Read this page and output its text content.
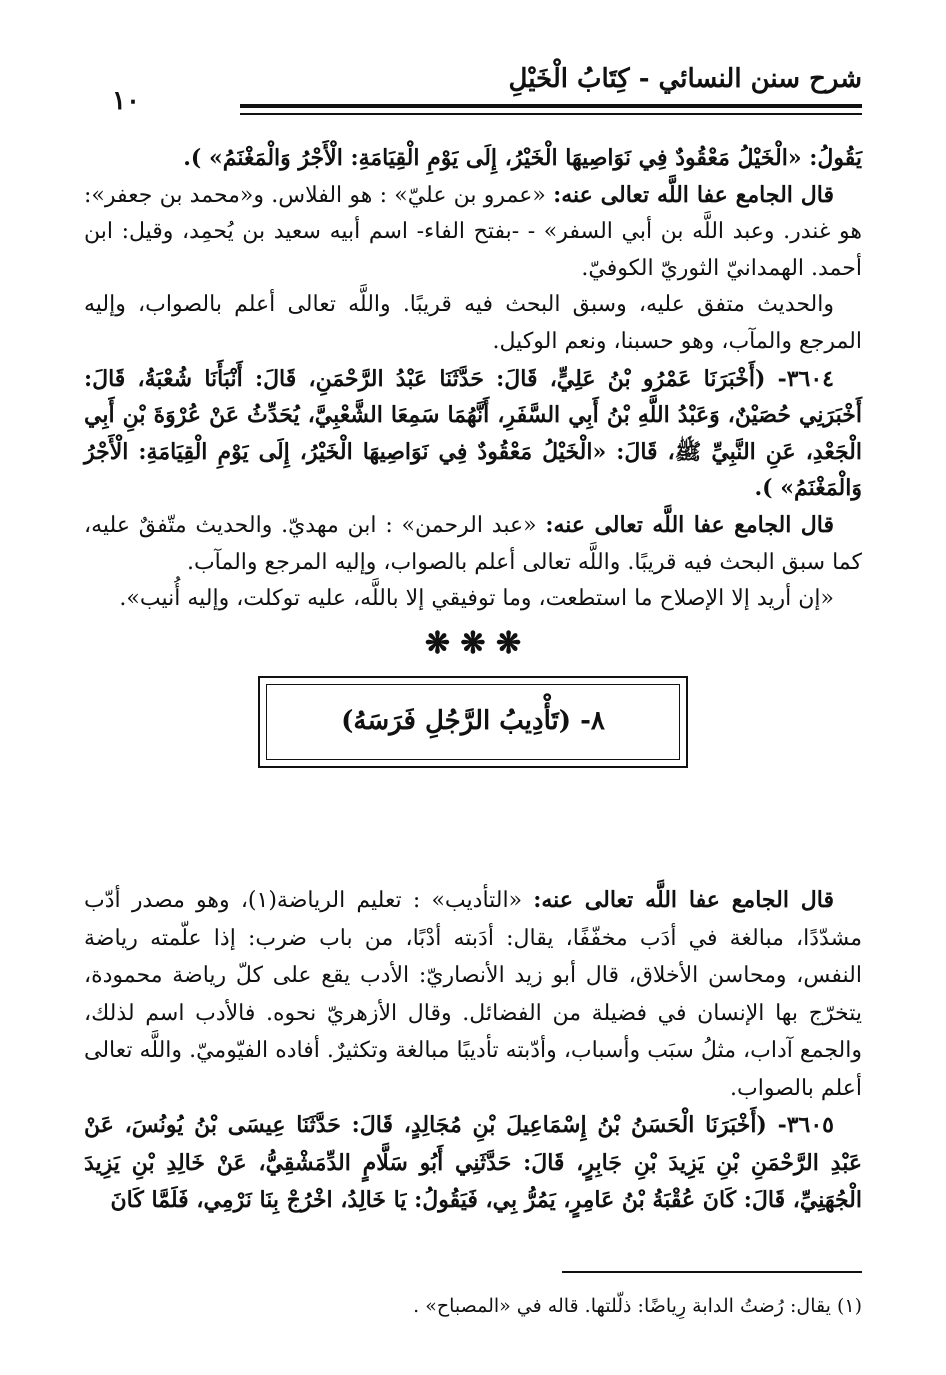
شرح سنن النسائي - كِتَابُ الْخَيْلِ
١٠

يَقُولُ: «الْخَيْلُ مَعْقُودٌ فِي نَوَاصِيهَا الْخَيْرُ، إِلَى يَوْمِ الْقِيَامَةِ: الْأَجْرُ وَالْمَغْنَمُ» ).

قال الجامع عفا اللَّه تعالى عنه: «عمرو بن عليّ» : هو الفلاس. و«محمد بن جعفر»: هو غندر. وعبد اللَّه بن أبي السفر» - -بفتح الفاء- اسم أبيه سعيد بن يُحمِد، وقيل: ابن أحمد. الهمدانيّ الثوريّ الكوفيّ.

والحديث متفق عليه، وسبق البحث فيه قريبًا. واللَّه تعالى أعلم بالصواب، وإليه المرجع والمآب، وهو حسبنا، ونعم الوكيل.

٣٦٠٤- (أَخْبَرَنَا عَمْرُو بْنُ عَلِيٍّ، قَالَ: حَدَّثَنَا عَبْدُ الرَّحْمَنِ، قَالَ: أَنْبَأَنَا شُعْبَةُ، قَالَ: أَخْبَرَنِي حُصَيْنٌ، وَعَبْدُ اللَّهِ بْنُ أَبِي السَّفَرِ، أَنَّهُمَا سَمِعَا الشَّعْبِيَّ، يُحَدِّثُ عَنْ عُرْوَةَ بْنِ أَبِي الْجَعْدِ، عَنِ النَّبِيِّ ﷺ، قَالَ: «الْخَيْلُ مَعْقُودٌ فِي نَوَاصِيهَا الْخَيْرُ، إِلَى يَوْمِ الْقِيَامَةِ: الْأَجْرُ وَالْمَغْنَمُ» ).

قال الجامع عفا اللَّه تعالى عنه: «عبد الرحمن» : ابن مهديّ. والحديث متّفقٌ عليه، كما سبق البحث فيه قريبًا. واللَّه تعالى أعلم بالصواب، وإليه المرجع والمآب.

«إن أريد إلا الإصلاح ما استطعت، وما توفيقي إلا باللَّه، عليه توكلت، وإليه أُنيب».

❋ ❋ ❋
٨- (تَأْدِيبُ الرَّجُلِ فَرَسَهُ)

قال الجامع عفا اللَّه تعالى عنه: «التأديب» : تعليم الرياضة(١)، وهو مصدر أدّب مشدّدًا، مبالغة في أدَب مخفّفًا، يقال: أدَبته أدْبًا، من باب ضرب: إذا علّمته رياضة النفس، ومحاسن الأخلاق، قال أبو زيد الأنصاريّ: الأدب يقع على كلّ رياضة محمودة، يتخرّج بها الإنسان في فضيلة من الفضائل. وقال الأزهريّ نحوه. فالأدب اسم لذلك، والجمع آداب، مثلُ سبَب وأسباب، وأدّبته تأديبًا مبالغة وتكثيرٌ. أفاده الفيّوميّ. واللَّه تعالى أعلم بالصواب.

٣٦٠٥- (أَخْبَرَنَا الْحَسَنُ بْنُ إِسْمَاعِيلَ بْنِ مُجَالِدٍ، قَالَ: حَدَّثَنَا عِيسَى بْنُ يُونُسَ، عَنْ عَبْدِ الرَّحْمَنِ بْنِ يَزِيدَ بْنِ جَابِرٍ، قَالَ: حَدَّثَنِي أَبُو سَلَّامٍ الدِّمَشْقِيُّ، عَنْ خَالِدِ بْنِ يَزِيدَ الْجُهَنِيِّ، قَالَ: كَانَ عُقْبَةُ بْنُ عَامِرٍ، يَمُرُّ بِي، فَيَقُولُ: يَا خَالِدُ، اخْرُجْ بِنَا نَرْمِي، فَلَمَّا كَانَ

(١) يقال: رُضتُ الدابة رِياضًا: ذلّلتها. قاله في «المصباح» .
